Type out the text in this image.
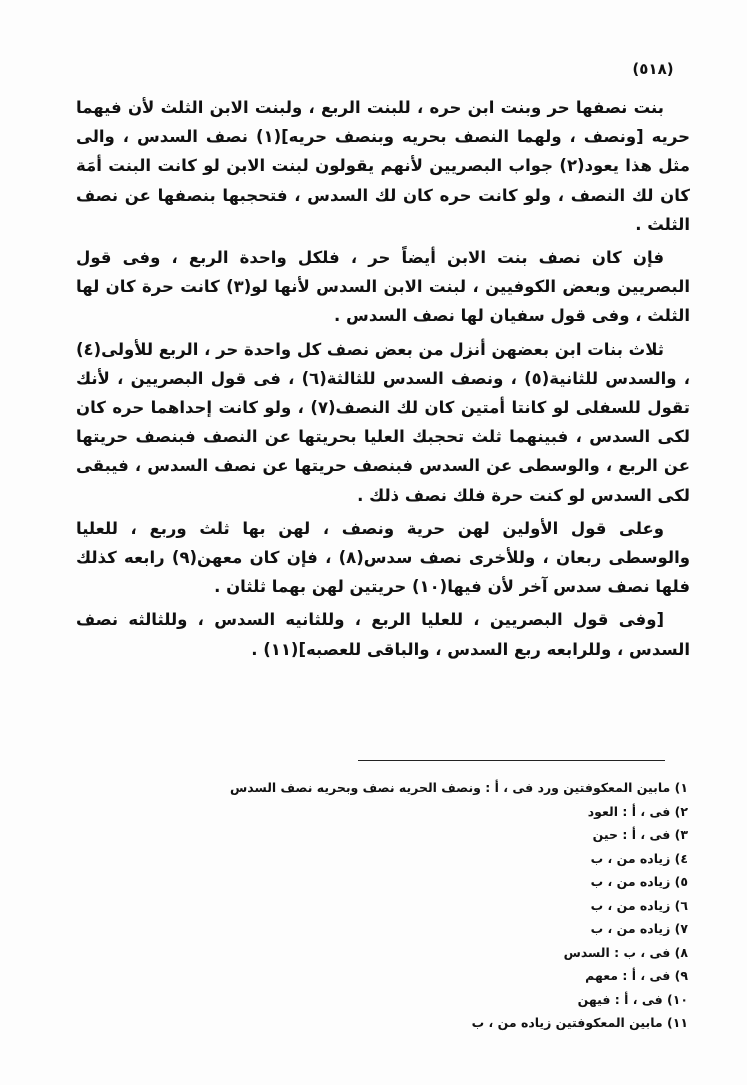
(٥١٨)

بنت نصفها حر وبنت ابن حره ، للبنت الربع ، ولبنت الابن الثلث لأن فيهما حريه [ونصف ، ولهما النصف بحريه وبنصف حريه](١) نصف السدس ، والى مثل هذا يعود(٢) جواب البصريين لأنهم يقولون لبنت الابن لو كانت البنت أمَة كان لك النصف ، ولو كانت حره كان لك السدس ، فتحجبها بنصفها عن نصف الثلث .

فإن كان نصف بنت الابن أيضاً حر ، فلكل واحدة الربع ، وفى قول البصريين وبعض الكوفيين ، لبنت الابن السدس لأنها لو(٣) كانت حرة كان لها الثلث ، وفى قول سفيان لها نصف السدس .

ثلاث بنات ابن بعضهن أنزل من بعض نصف كل واحدة حر ، الربع للأولى(٤) ، والسدس للثانية(٥) ، ونصف السدس للثالثة(٦) ، فى قول البصريين ، لأنك تقول للسفلى لو كانتا أمتين كان لك النصف(٧) ، ولو كانت إحداهما حره كان لكى السدس ، فبينهما ثلث تحجبك العليا بحريتها عن النصف فبنصف حريتها عن الربع ، والوسطى عن السدس فبنصف حريتها عن نصف السدس ، فيبقى لكى السدس لو كنت حرة فلك نصف ذلك .

وعلى قول الأولين لهن حرية ونصف ، لهن بها ثلث وربع ، للعليا والوسطى ربعان ، وللأخرى نصف سدس(٨) ، فإن كان معهن(٩) رابعه كذلك فلها نصف سدس آخر لأن فيها(١٠) حريتين لهن بهما ثلثان .

[وفى قول البصريين ، للعليا الربع ، وللثانيه السدس ، وللثالثه نصف السدس ، وللرابعه ربع السدس ، والباقى للعصبه](١١) .

١) مابين المعكوفتين ورد فى ، أ : ونصف الحريه نصف وبحريه نصف السدس
٢) فى ، أ : العود
٣) فى ، أ : حين
٤) زياده من ، ب
٥) زياده من ، ب
٦) زياده من ، ب
٧) زياده من ، ب
٨) فى ، ب : السدس
٩) فى ، أ : معهم
١٠) فى ، أ : فيهن
١١) مابين المعكوفتين زياده من ، ب
